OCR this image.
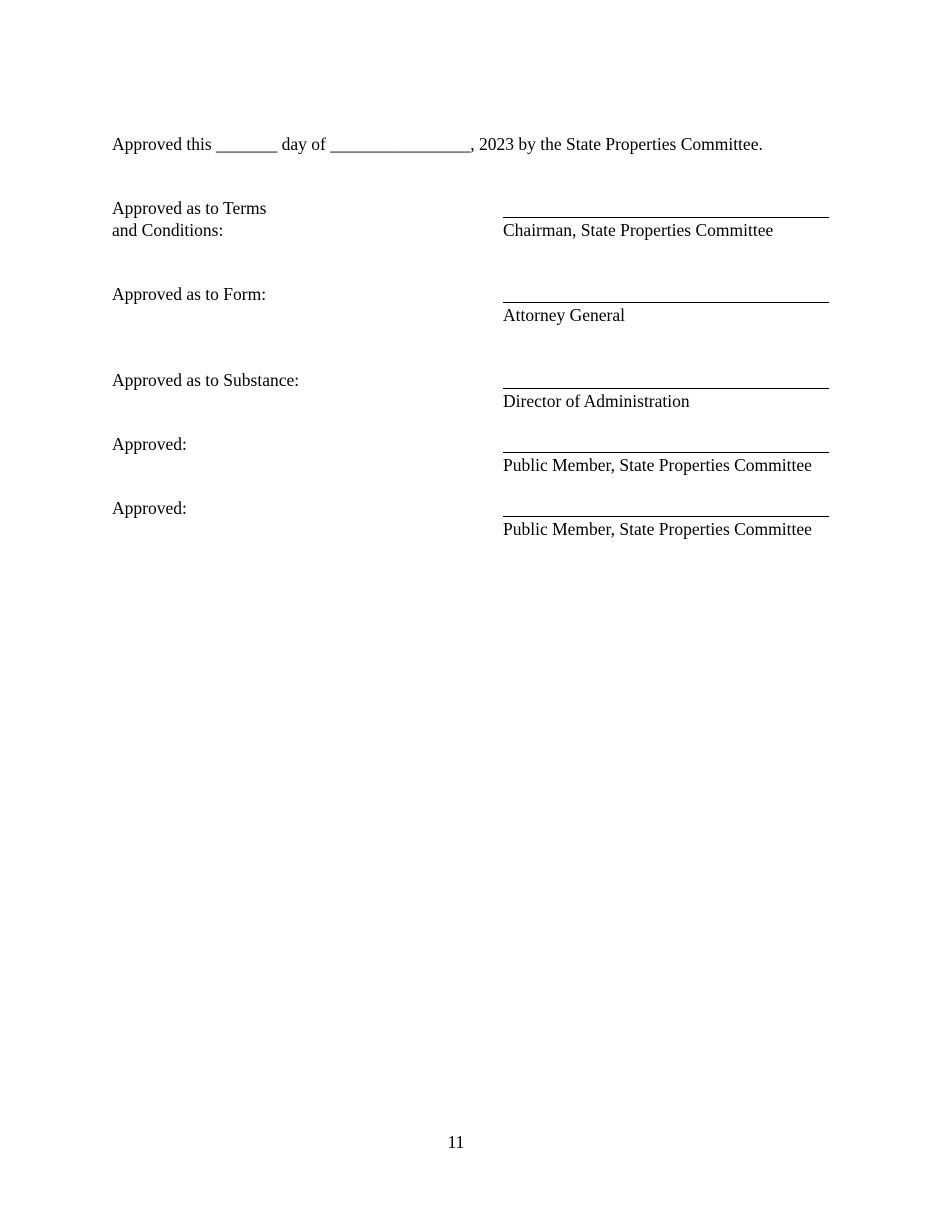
Approved this _______ day of ________________, 2023 by the State Properties Committee.
Approved as to Terms
and Conditions:	Chairman, State Properties Committee
Approved as to Form:
Attorney General
Approved as to Substance:
Director of Administration
Approved:
Public Member, State Properties Committee
Approved:
Public Member, State Properties Committee
11
